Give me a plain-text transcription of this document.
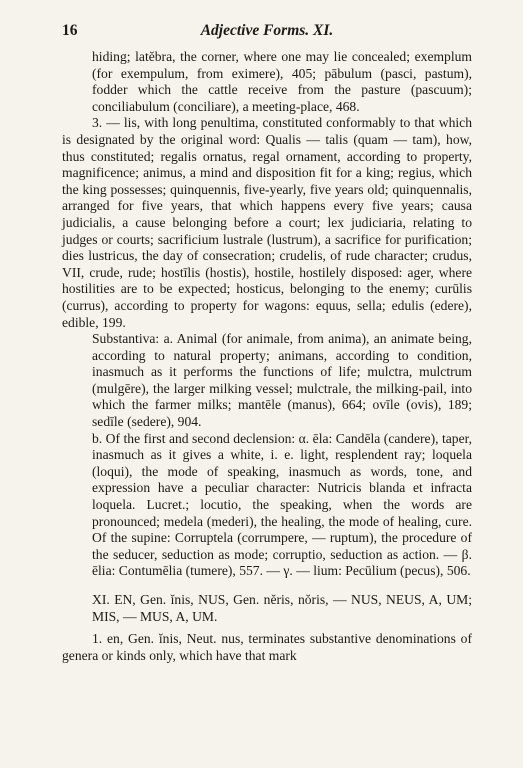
16	Adjective Forms. XI.

hiding; latĕbra, the corner, where one may lie concealed; exemplum (for exempulum, from eximere), 405; pābulum (pasci, pastum), fodder which the cattle receive from the pasture (pascuum); conciliabulum (conciliare), a meeting-place, 468.

3. — lis, with long penultima, constituted conformably to that which is designated by the original word: Qualis — talis (quam — tam), how, thus constituted; regalis ornatus, regal ornament, according to property, magnificence; animus, a mind and disposition fit for a king; regius, which the king possesses; quinquennis, five-yearly, five years old; quinquennalis, arranged for five years, that which happens every five years; causa judicialis, a cause belonging before a court; lex judiciaria, relating to judges or courts; sacrificium lustrale (lustrum), a sacrifice for purification; dies lustricus, the day of consecration; crudelis, of rude character; crudus, VII, crude, rude; hostīlis (hostis), hostile, hostilely disposed: ager, where hostilities are to be expected; hosticus, belonging to the enemy; curūlis (currus), according to property for wagons: equus, sella; edulis (edere), edible, 199.

Substantiva: a. Animal (for animale, from anima), an animate being, according to natural property; animans, according to condition, inasmuch as it performs the functions of life; mulctra, mulctrum (mulgēre), the larger milking vessel; mulctrale, the milking-pail, into which the farmer milks; mantēle (manus), 664; ovīle (ovis), 189; sedīle (sedere), 904.

b. Of the first and second declension: α. ēla: Candēla (candere), taper, inasmuch as it gives a white, i. e. light, resplendent ray; loquela (loqui), the mode of speaking, inasmuch as words, tone, and expression have a peculiar character: Nutricis blanda et infracta loquela. Lucret.; locutio, the speaking, when the words are pronounced; medela (mederi), the healing, the mode of healing, cure. Of the supine: Corruptela (corrumpere, — ruptum), the procedure of the seducer, seduction as mode; corruptio, seduction as action. — β. ēlia: Contumēlia (tumere), 557. — γ. — lium: Pecūlium (pecus), 506.

XI. EN, Gen. ĭnis, NUS, Gen. nĕris, nŏris, — NUS, NEUS, A, UM; MIS, — MUS, A, UM.

1. en, Gen. ĭnis, Neut. nus, terminates substantive denominations of genera or kinds only, which have that mark
